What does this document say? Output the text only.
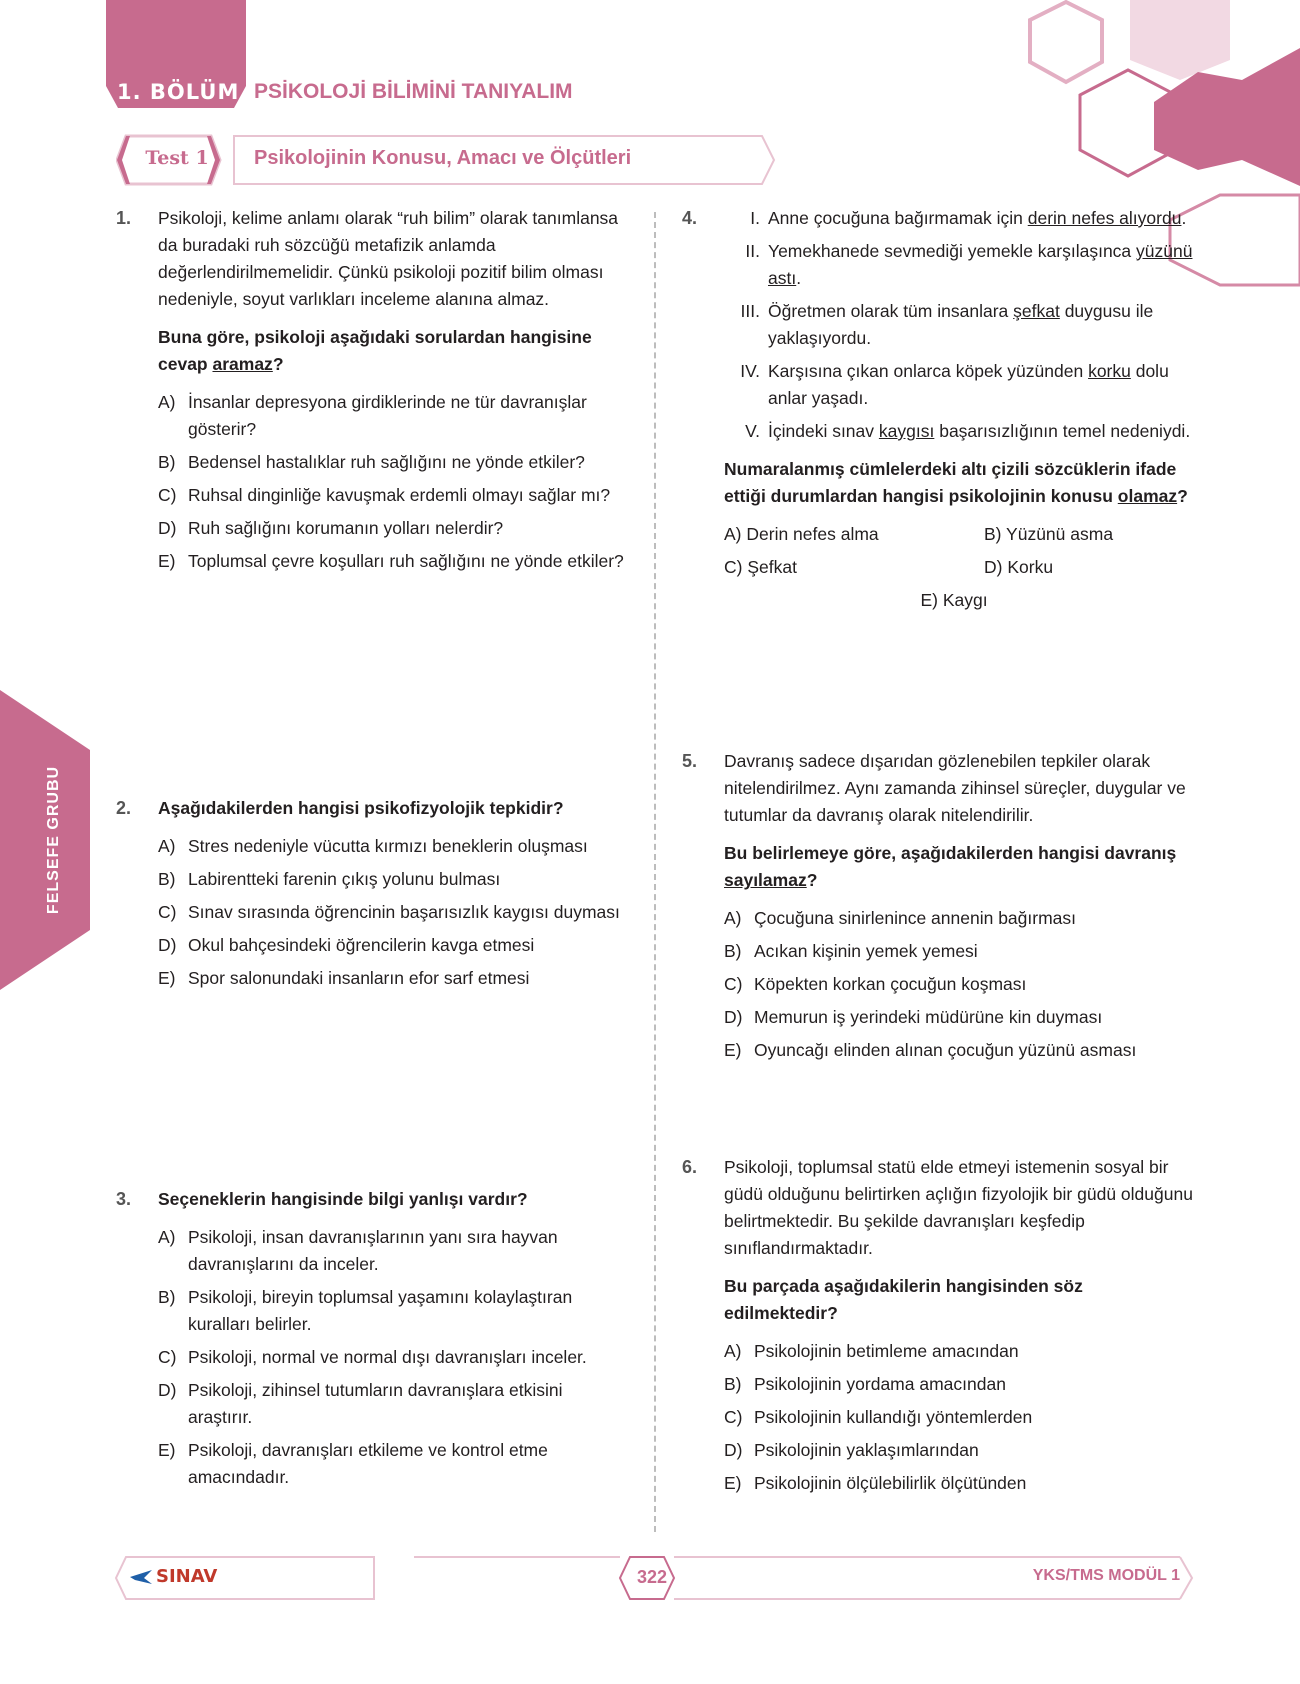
1. BÖLÜM PSİKOLOJİ BİLİMİNİ TANIYALIM
Test 1	Psikolojinin Konusu, Amacı ve Ölçütleri
FELSEFE GRUBU
1. Psikoloji, kelime anlamı olarak “ruh bilim” olarak tanımlansa da buradaki ruh sözcüğü metafizik anlamda değerlendirilmemelidir. Çünkü psikoloji pozitif bilim olması nedeniyle, soyut varlıkları inceleme alanına almaz.

Buna göre, psikoloji aşağıdaki sorulardan hangisine cevap aramaz?

A) İnsanlar depresyona girdiklerinde ne tür davranışlar gösterir?
B) Bedensel hastalıklar ruh sağlığını ne yönde etkiler?
C) Ruhsal dinginliğe kavuşmak erdemli olmayı sağlar mı?
D) Ruh sağlığını korumanın yolları nelerdir?
E) Toplumsal çevre koşulları ruh sağlığını ne yönde etkiler?
2. Aşağıdakilerden hangisi psikofizyolojik tepkidir?

A) Stres nedeniyle vücutta kırmızı beneklerin oluşması
B) Labirentteki farenin çıkış yolunu bulması
C) Sınav sırasında öğrencinin başarısızlık kaygısı duyması
D) Okul bahçesindeki öğrencilerin kavga etmesi
E) Spor salonundaki insanların efor sarf etmesi
3. Seçeneklerin hangisinde bilgi yanlışı vardır?

A) Psikoloji, insan davranışlarının yanı sıra hayvan davranışlarını da inceler.
B) Psikoloji, bireyin toplumsal yaşamını kolaylaştıran kuralları belirler.
C) Psikoloji, normal ve normal dışı davranışları inceler.
D) Psikoloji, zihinsel tutumların davranışlara etkisini araştırır.
E) Psikoloji, davranışları etkileme ve kontrol etme amacındadır.
4.	I. Anne çocuğuna bağırmamak için derin nefes alıyordu.
II. Yemekhanede sevmediği yemekle karşılaşınca yüzünü astı.
III. Öğretmen olarak tüm insanlara şefkat duygusu ile yaklaşıyordu.
IV. Karşısına çıkan onlarca köpek yüzünden korku dolu anlar yaşadı.
V. İçindeki sınav kaygısı başarısızlığının temel nedeniydi.

Numaralanmış cümlelerdeki altı çizili sözcüklerin ifade ettiği durumlardan hangisi psikolojinin konusu olamaz?

A) Derin nefes alma	B) Yüzünü asma
C) Şefkat	D) Korku
E) Kaygı
5. Davranış sadece dışarıdan gözlenebilen tepkiler olarak nitelendirilmez. Aynı zamanda zihinsel süreçler, duygular ve tutumlar da davranış olarak nitelendirilir.

Bu belirlemeye göre, aşağıdakilerden hangisi davranış sayılamaz?

A) Çocuğuna sinirlenince annenin bağırması
B) Acıkan kişinin yemek yemesi
C) Köpekten korkan çocuğun koşması
D) Memurun iş yerindeki müdürüne kin duyması
E) Oyuncağı elinden alınan çocuğun yüzünü asması
6. Psikoloji, toplumsal statü elde etmeyi istemenin sosyal bir güdü olduğunu belirtirken açlığın fizyolojik bir güdü olduğunu belirtmektedir. Bu şekilde davranışları keşfedip sınıflandırmaktadır.

Bu parçada aşağıdakilerin hangisinden söz edilmektedir?

A) Psikolojinin betimleme amacından
B) Psikolojinin yordama amacından
C) Psikolojinin kullandığı yöntemlerden
D) Psikolojinin yaklaşımlarından
E) Psikolojinin ölçülebilirlik ölçütünden
SINAV	322	YKS/TMS MODÜL 1
